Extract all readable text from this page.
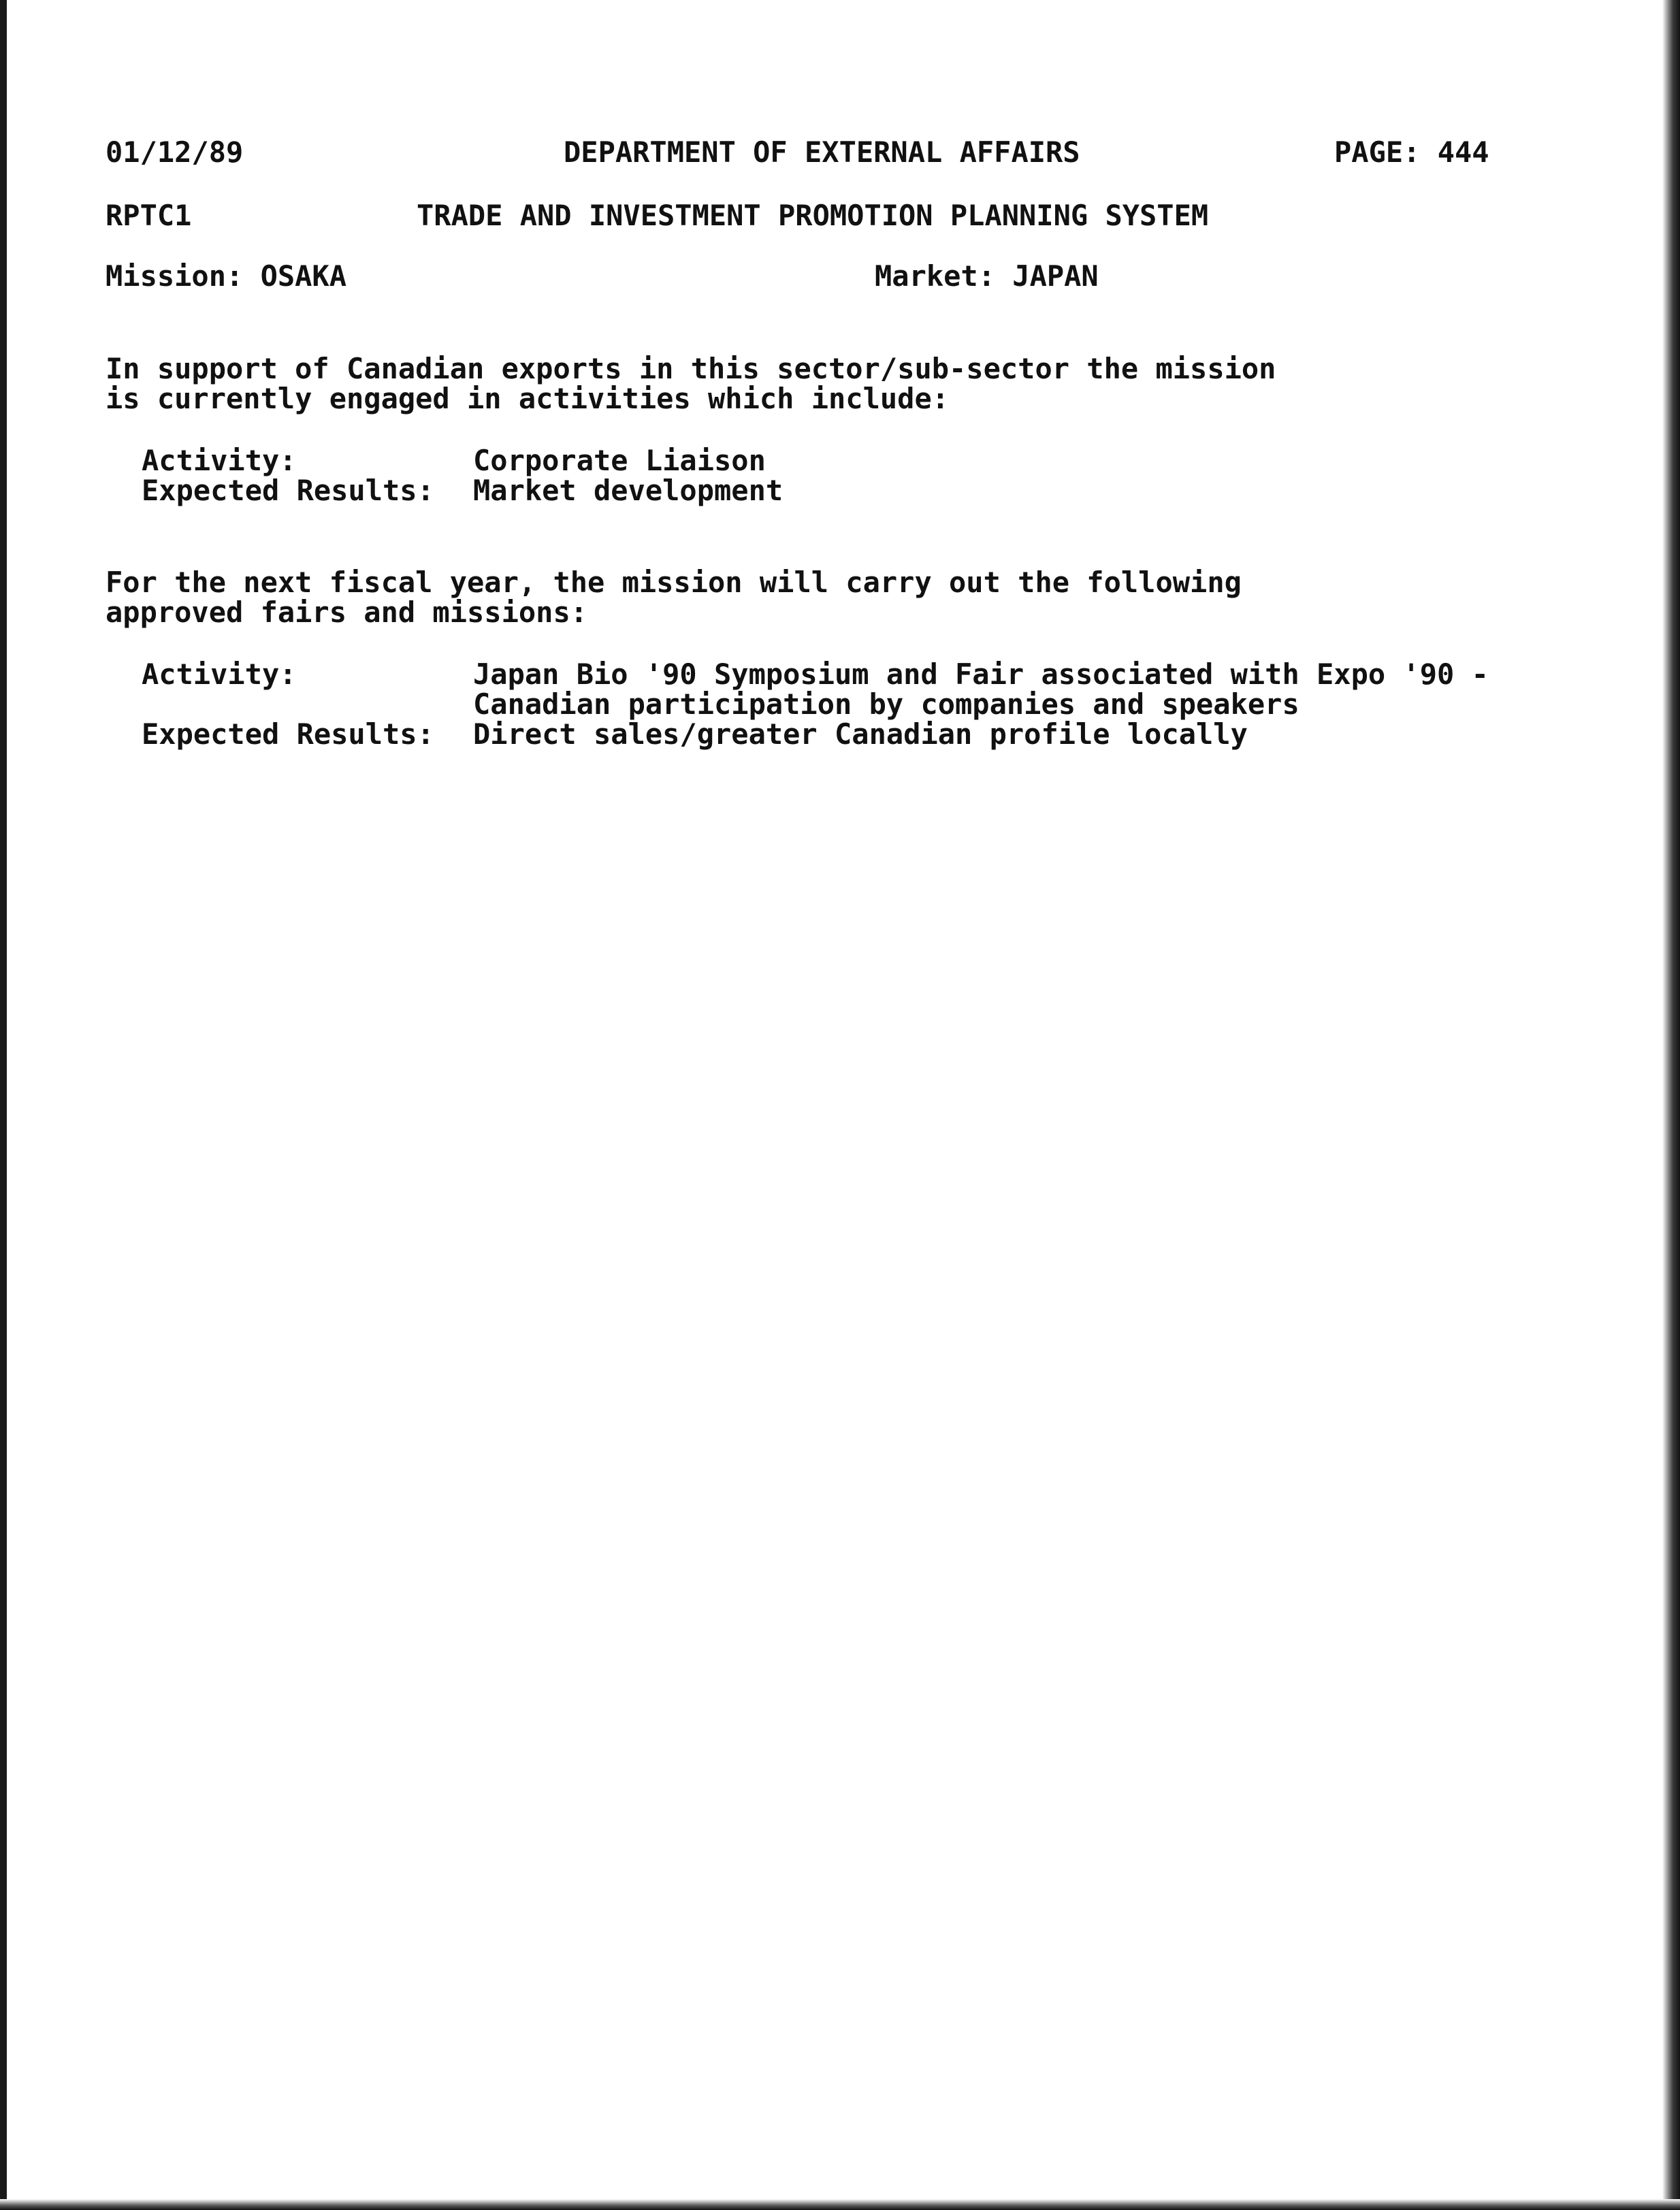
01/12/89	DEPARTMENT OF EXTERNAL AFFAIRS	PAGE: 444
RPTC1	TRADE AND INVESTMENT PROMOTION PLANNING SYSTEM
Mission: OSAKA	Market: JAPAN
In support of Canadian exports in this sector/sub-sector the mission
is currently engaged in activities which include:
Activity:	Corporate Liaison
Expected Results: Market development
For the next fiscal year, the mission will carry out the following
approved fairs and missions:
Activity:	Japan Bio '90 Symposium and Fair associated with Expo '90 -
Canadian participation by companies and speakers
Expected Results: Direct sales/greater Canadian profile locally
